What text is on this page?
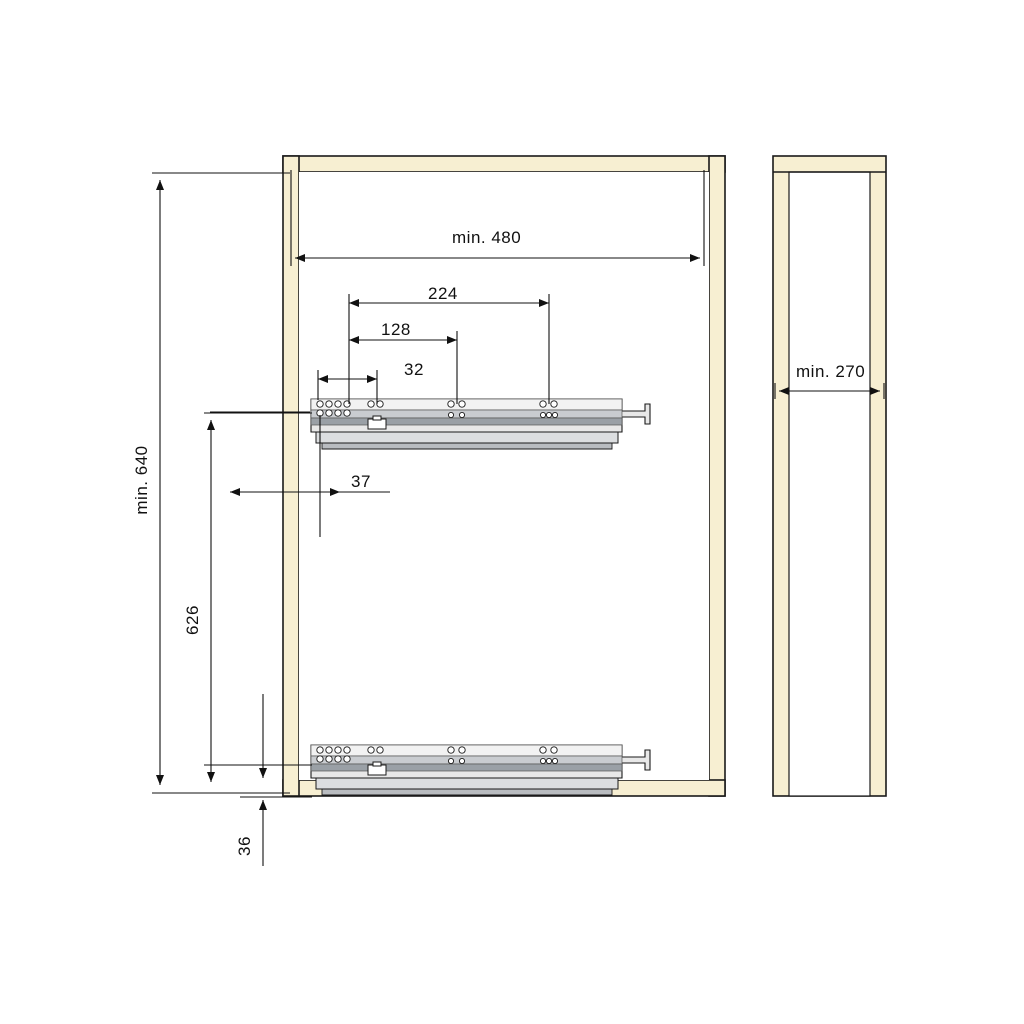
min. 480
min. 640
224
128
32
37
626
36
min. 270
